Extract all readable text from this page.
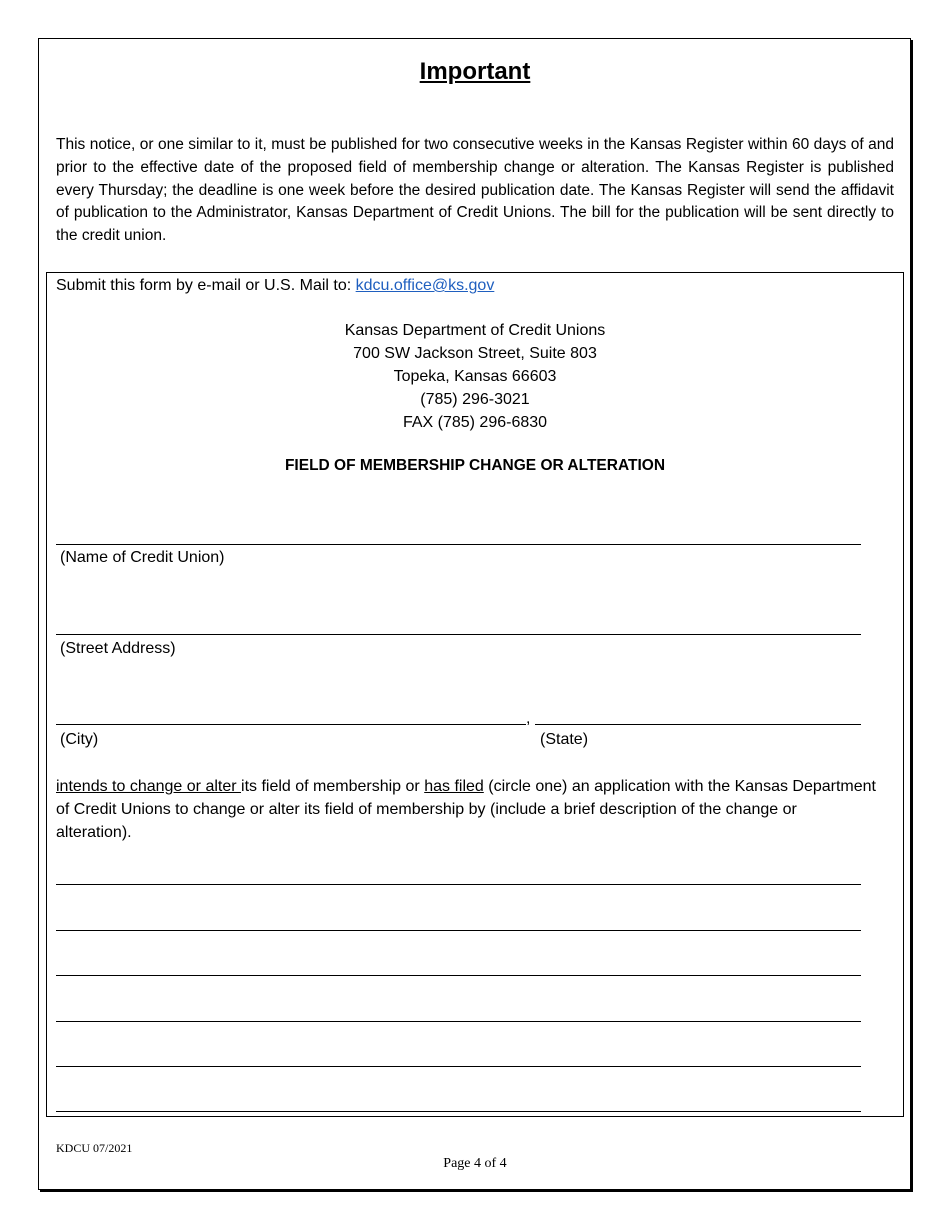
Important
This notice, or one similar to it, must be published for two consecutive weeks in the Kansas Register within 60 days of and prior to the effective date of the proposed field of membership change or alteration. The Kansas Register is published every Thursday; the deadline is one week before the desired publication date. The Kansas Register will send the affidavit of publication to the Administrator, Kansas Department of Credit Unions. The bill for the publication will be sent directly to the credit union.
Submit this form by e-mail or U.S. Mail to: kdcu.office@ks.gov
Kansas Department of Credit Unions
700 SW Jackson Street, Suite 803
Topeka, Kansas 66603
(785) 296-3021
FAX (785) 296-6830
FIELD OF MEMBERSHIP CHANGE OR ALTERATION
(Name of Credit Union)
(Street Address)
,
(City)	(State)
intends to change or alter its field of membership or has filed (circle one) an application with the Kansas Department of Credit Unions to change or alter its field of membership by (include a brief description of the change or alteration).
KDCU 07/2021
Page 4 of 4
